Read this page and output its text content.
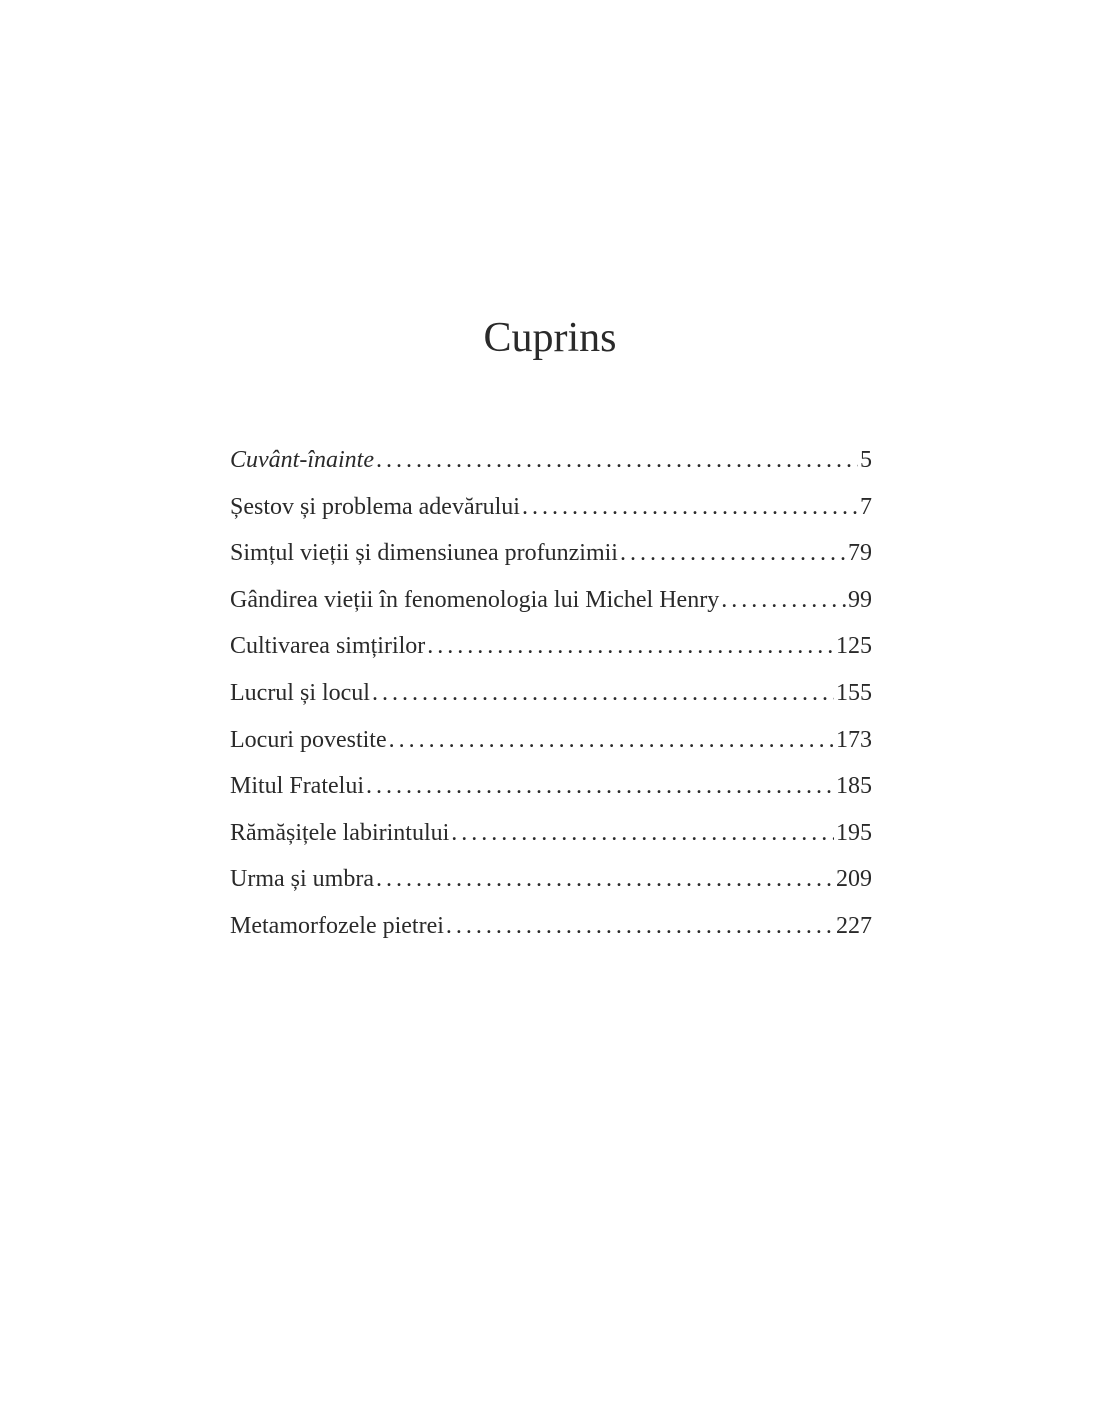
Cuprins
Cuvânt-înainte . . .	5
Șestov și problema adevărului . . .	7
Simțul vieții și dimensiunea profunzimii . . .	79
Gândirea vieții în fenomenologia lui Michel Henry . . .	99
Cultivarea simțirilor . . .	125
Lucrul și locul . . .	155
Locuri povestite . . .	173
Mitul Fratelui . . .	185
Rămășițele labirintului . . .	195
Urma și umbra . . .	209
Metamorfozele pietrei . . .	227
